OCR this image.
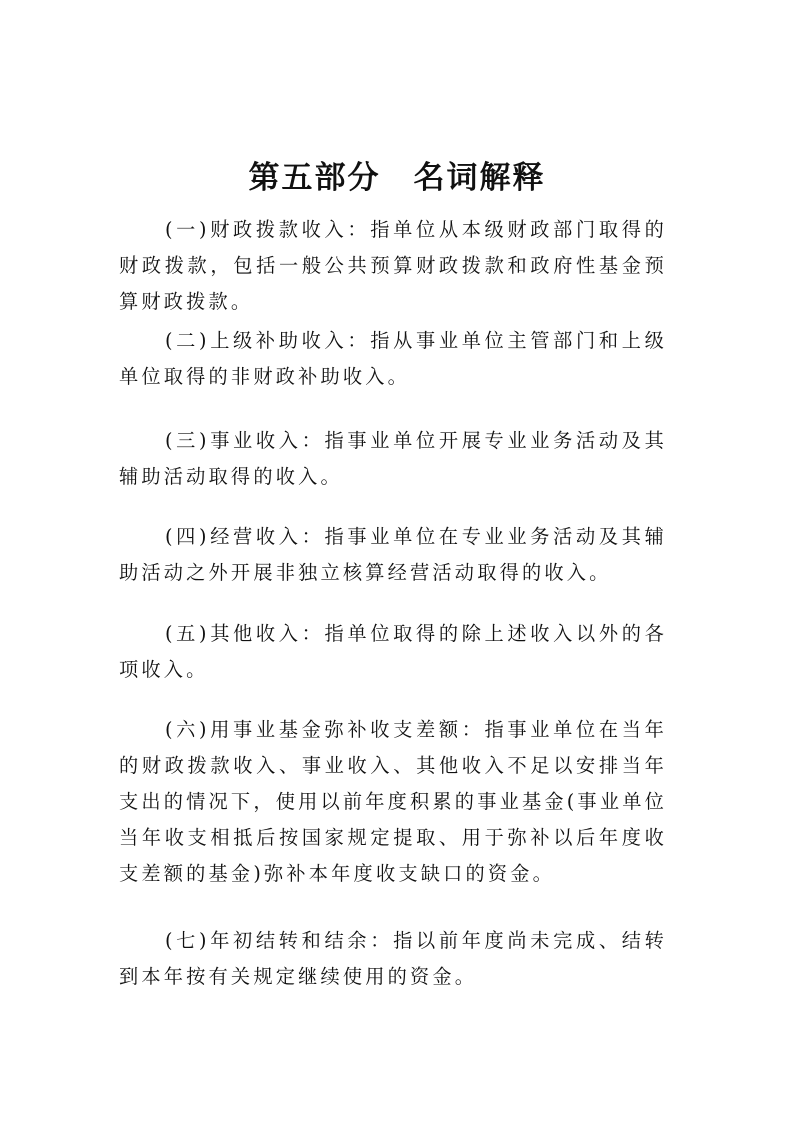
第五部分　名词解释

(一)财政拨款收入：指单位从本级财政部门取得的财政拨款，包括一般公共预算财政拨款和政府性基金预算财政拨款。

(二)上级补助收入：指从事业单位主管部门和上级单位取得的非财政补助收入。

(三)事业收入：指事业单位开展专业业务活动及其辅助活动取得的收入。

(四)经营收入：指事业单位在专业业务活动及其辅助活动之外开展非独立核算经营活动取得的收入。

(五)其他收入：指单位取得的除上述收入以外的各项收入。

(六)用事业基金弥补收支差额：指事业单位在当年的财政拨款收入、事业收入、其他收入不足以安排当年支出的情况下，使用以前年度积累的事业基金(事业单位当年收支相抵后按国家规定提取、用于弥补以后年度收支差额的基金)弥补本年度收支缺口的资金。

(七)年初结转和结余：指以前年度尚未完成、结转到本年按有关规定继续使用的资金。
